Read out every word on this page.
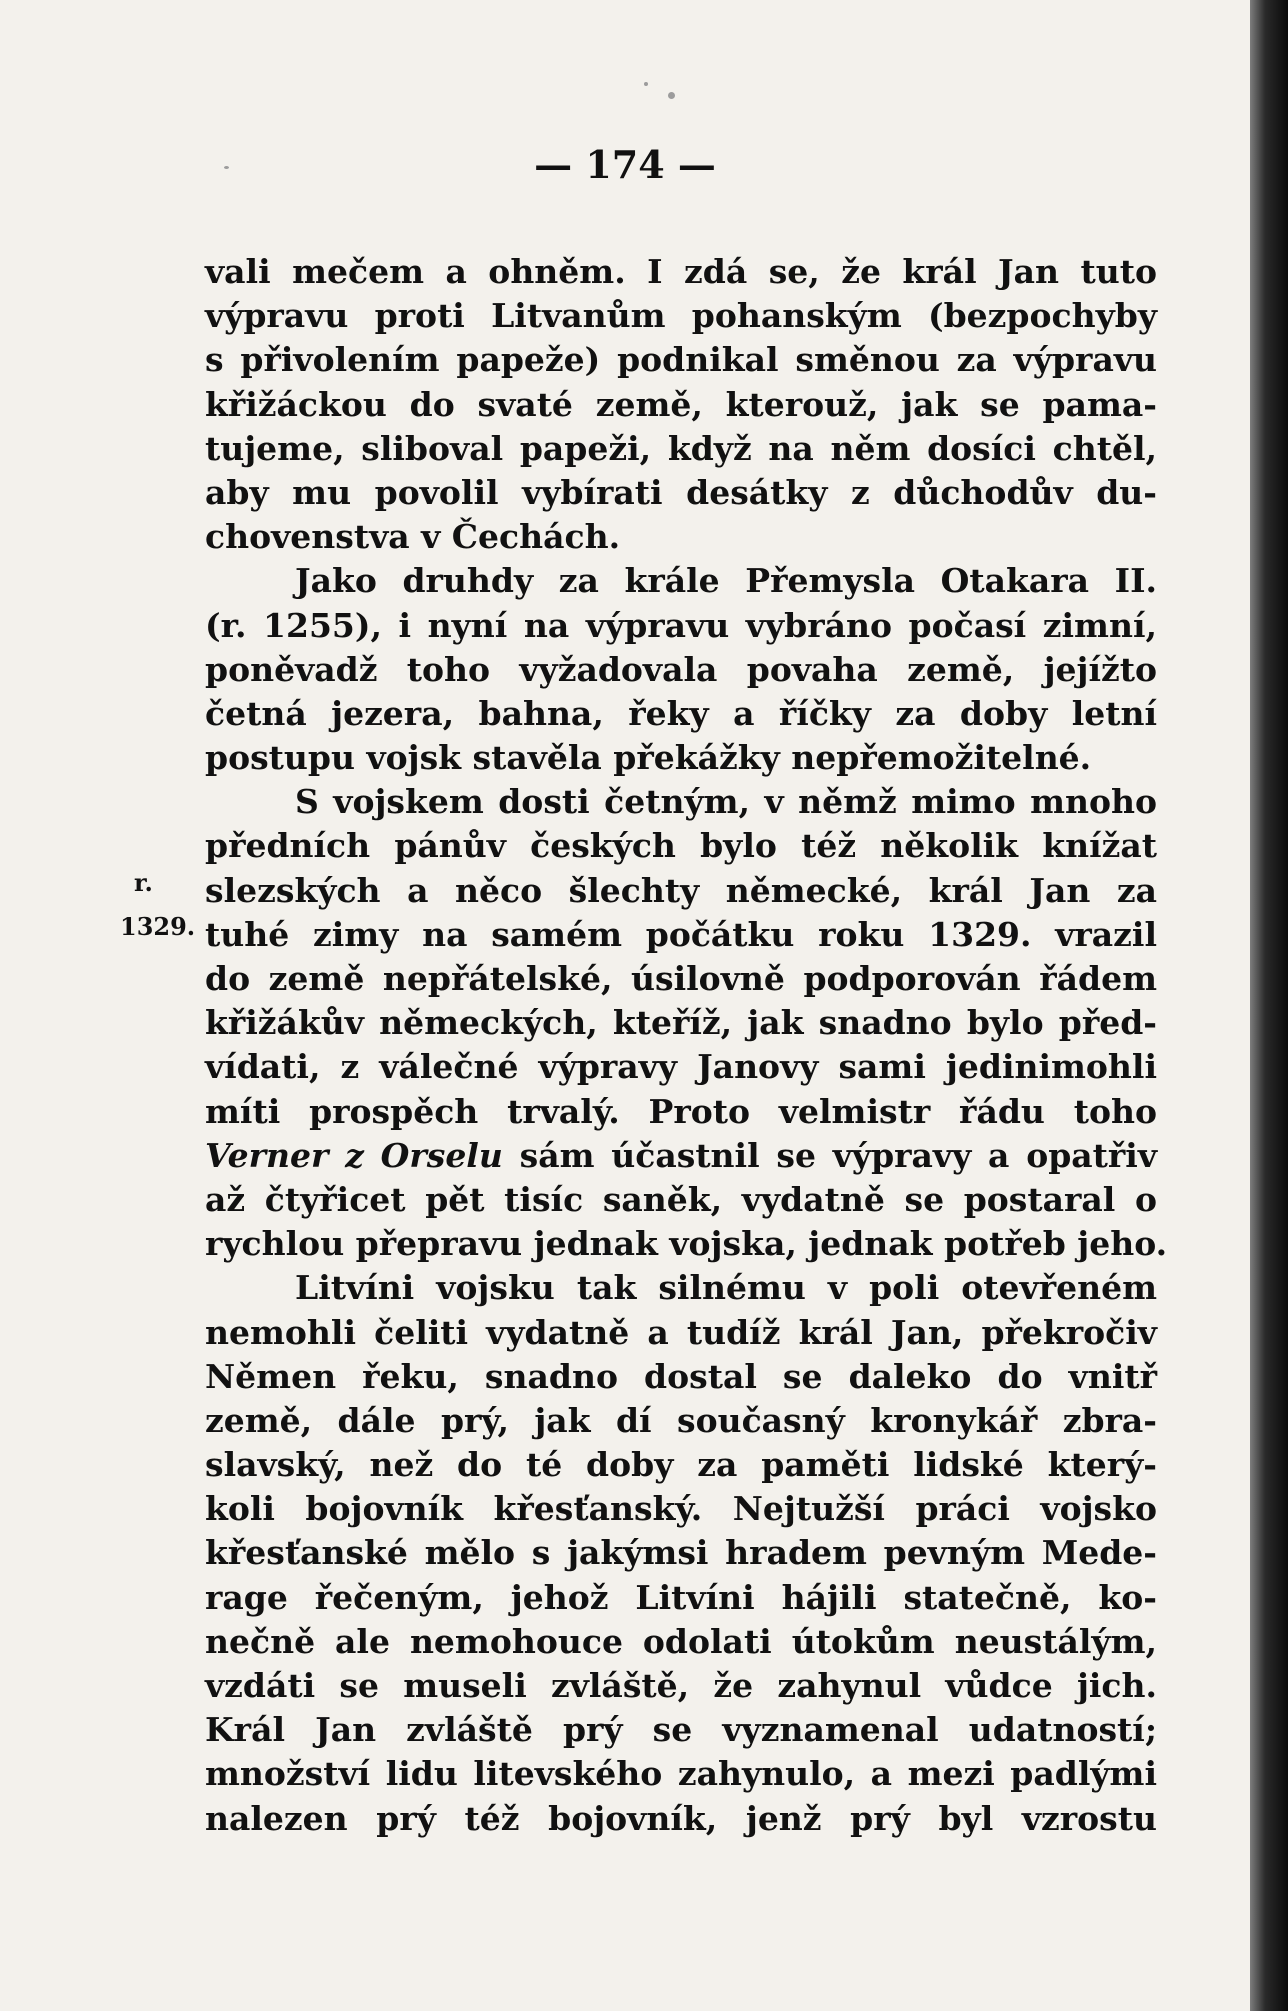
— 174 —
r.
1329.
vali mečem a ohněm. I zdá se, že král Jan tuto
výpravu proti Litvanům pohanským (bezpochyby
s přivolením papeže) podnikal směnou za výpravu
křižáckou do svaté země, kterouž, jak se pama-
tujeme, sliboval papeži, když na něm dosíci chtěl,
aby mu povolil vybírati desátky z důchodův du-
chovenstva v Čechách.
Jako druhdy za krále Přemysla Otakara II.
(r. 1255), i nyní na výpravu vybráno počasí zimní,
poněvadž toho vyžadovala povaha země, jejížto
četná jezera, bahna, řeky a říčky za doby letní
postupu vojsk stavěla překážky nepřemožitelné.
S vojskem dosti četným, v němž mimo mnoho
předních pánův českých bylo též několik knížat
slezských a něco šlechty německé, král Jan za
tuhé zimy na samém počátku roku 1329. vrazil
do země nepřátelské, úsilovně podporován řádem
křižákův německých, kteříž, jak snadno bylo před-
vídati, z válečné výpravy Janovy sami jedinimohli
míti prospěch trvalý. Proto velmistr řádu toho
Verner z Orselu sám účastnil se výpravy a opatřiv
až čtyřicet pět tisíc saněk, vydatně se postaral o
rychlou přepravu jednak vojska, jednak potřeb jeho.
Litvíni vojsku tak silnému v poli otevřeném
nemohli čeliti vydatně a tudíž král Jan, překročiv
Němen řeku, snadno dostal se daleko do vnitř
země, dále prý, jak dí současný kronykář zbra-
slavský, než do té doby za paměti lidské který-
koli bojovník křesťanský. Nejtužší práci vojsko
křesťanské mělo s jakýmsi hradem pevným Mede-
rage řečeným, jehož Litvíni hájili statečně, ko-
nečně ale nemohouce odolati útokům neustálým,
vzdáti se museli zvláště, že zahynul vůdce jich.
Král Jan zvláště prý se vyznamenal udatností;
množství lidu litevského zahynulo, a mezi padlými
nalezen prý též bojovník, jenž prý byl vzrostu
